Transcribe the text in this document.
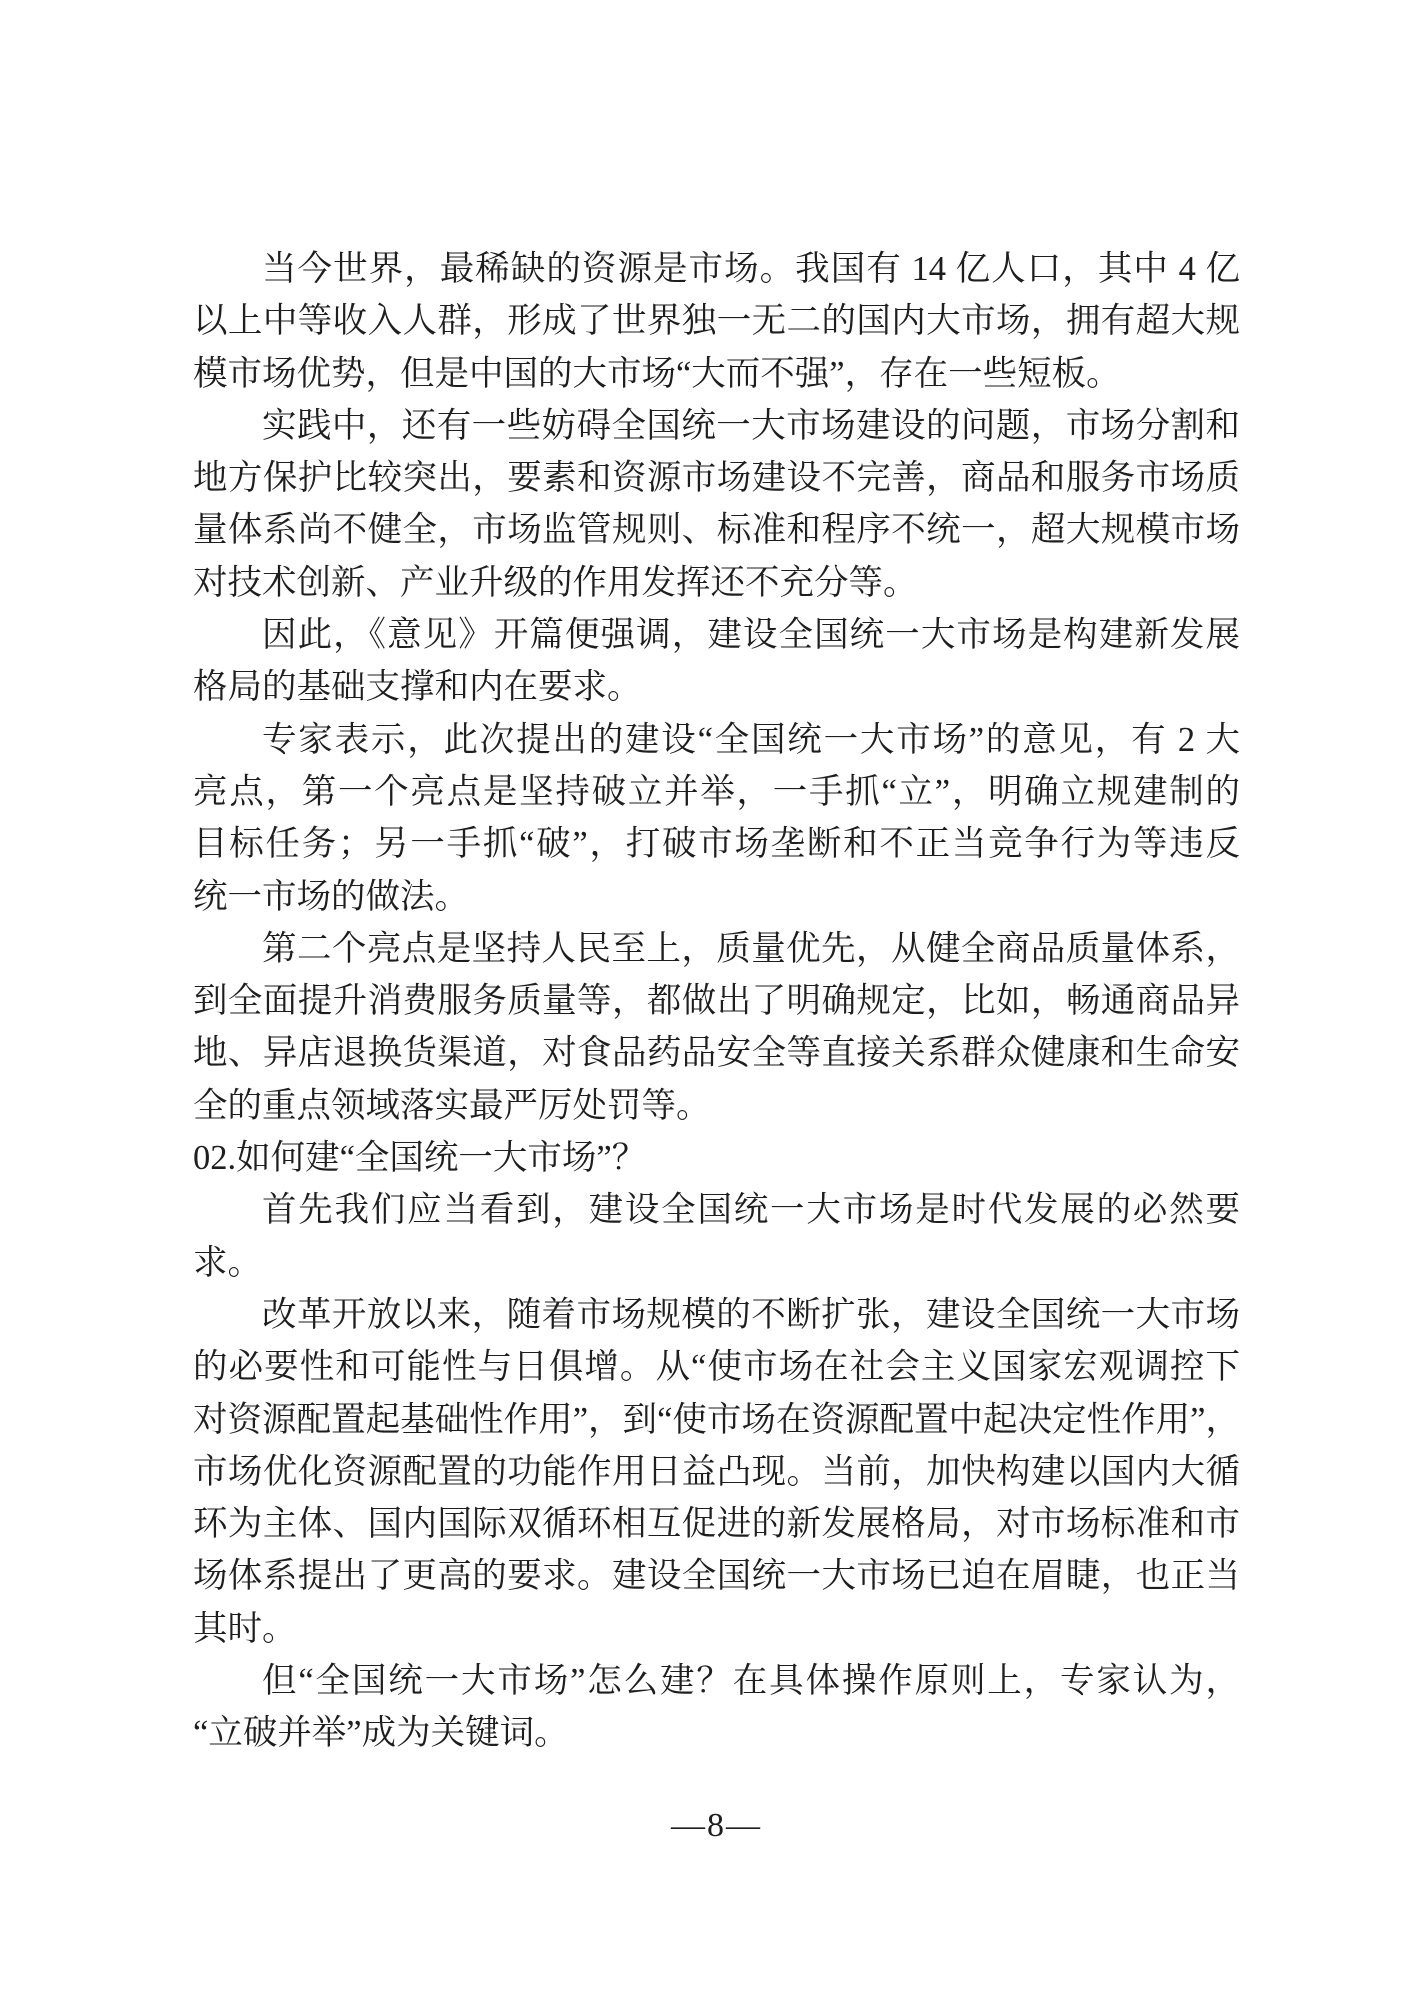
当今世界，最稀缺的资源是市场。我国有 14 亿人口，其中 4 亿
以上中等收入人群，形成了世界独一无二的国内大市场，拥有超大规
模市场优势，但是中国的大市场“大而不强”，存在一些短板。
实践中，还有一些妨碍全国统一大市场建设的问题，市场分割和
地方保护比较突出，要素和资源市场建设不完善，商品和服务市场质
量体系尚不健全，市场监管规则、标准和程序不统一，超大规模市场
对技术创新、产业升级的作用发挥还不充分等。
因此，《意见》开篇便强调，建设全国统一大市场是构建新发展
格局的基础支撑和内在要求。
专家表示，此次提出的建设“全国统一大市场”的意见，有 2 大
亮点，第一个亮点是坚持破立并举，一手抓“立”，明确立规建制的
目标任务；另一手抓“破”，打破市场垄断和不正当竞争行为等违反
统一市场的做法。
第二个亮点是坚持人民至上，质量优先，从健全商品质量体系，
到全面提升消费服务质量等，都做出了明确规定，比如，畅通商品异
地、异店退换货渠道，对食品药品安全等直接关系群众健康和生命安
全的重点领域落实最严厉处罚等。
02.如何建“全国统一大市场”？
首先我们应当看到，建设全国统一大市场是时代发展的必然要
求。
改革开放以来，随着市场规模的不断扩张，建设全国统一大市场
的必要性和可能性与日俱增。从“使市场在社会主义国家宏观调控下
对资源配置起基础性作用”，到“使市场在资源配置中起决定性作用”，
市场优化资源配置的功能作用日益凸现。当前，加快构建以国内大循
环为主体、国内国际双循环相互促进的新发展格局，对市场标准和市
场体系提出了更高的要求。建设全国统一大市场已迫在眉睫，也正当
其时。
但“全国统一大市场”怎么建？在具体操作原则上，专家认为，
“立破并举”成为关键词。
—8—
